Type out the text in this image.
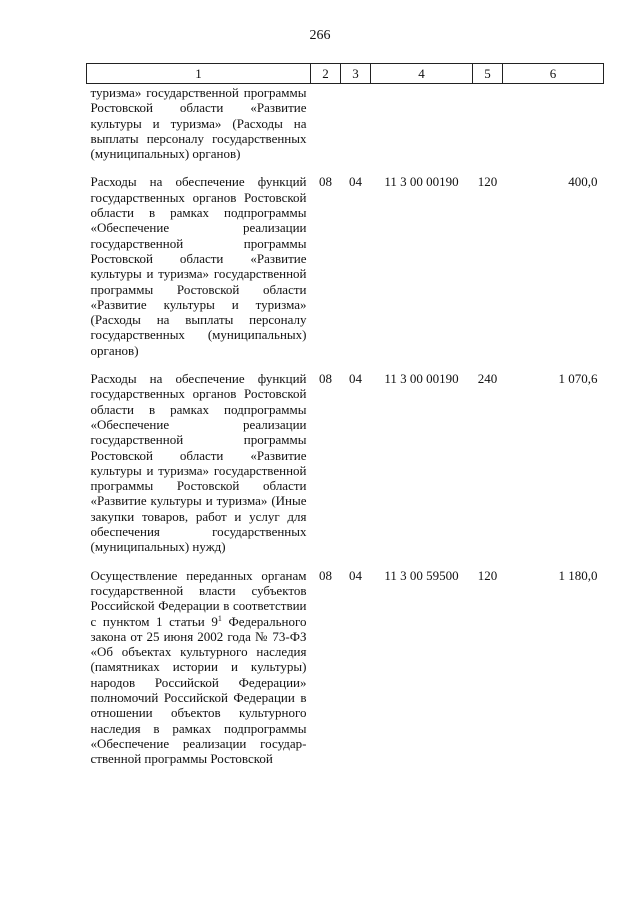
266
1	2	3	4	5	6
туризма» государственной программы Ростовской области «Развитие культуры и туризма» (Расходы на выплаты персоналу государственных (муниципальных) органов)					
Расходы на обеспечение функций государственных органов Ростовской области в рамках подпрограммы «Обеспечение реализации государственной программы Ростовской области «Развитие культуры и туризма» государственной программы Ростовской области «Развитие культуры и туризма» (Расходы на выплаты персоналу государственных (муниципальных) органов)	08	04	11 3 00 00190	120	400,0
Расходы на обеспечение функций государственных органов Ростовской области в рамках подпрограммы «Обеспечение реализации государственной программы Ростовской области «Развитие культуры и туризма» государственной программы Ростовской области «Развитие культуры и туризма» (Иные закупки товаров, работ и услуг для обеспечения государственных (муниципальных) нужд)	08	04	11 3 00 00190	240	1 070,6
Осуществление переданных органам государственной власти субъектов Российской Федерации в соответствии с пунктом 1 статьи $9^1$ Федерального закона от 25 июня 2002 года № 73-ФЗ «Об объектах культурного наследия (памятниках истории и культуры) народов Российской Федерации» полномочий Российской Федерации в отношении объектов культурного наследия в рамках подпрограммы «Обеспечение реализации государственной программы Ростовской	08	04	11 3 00 59500	120	1 180,0
